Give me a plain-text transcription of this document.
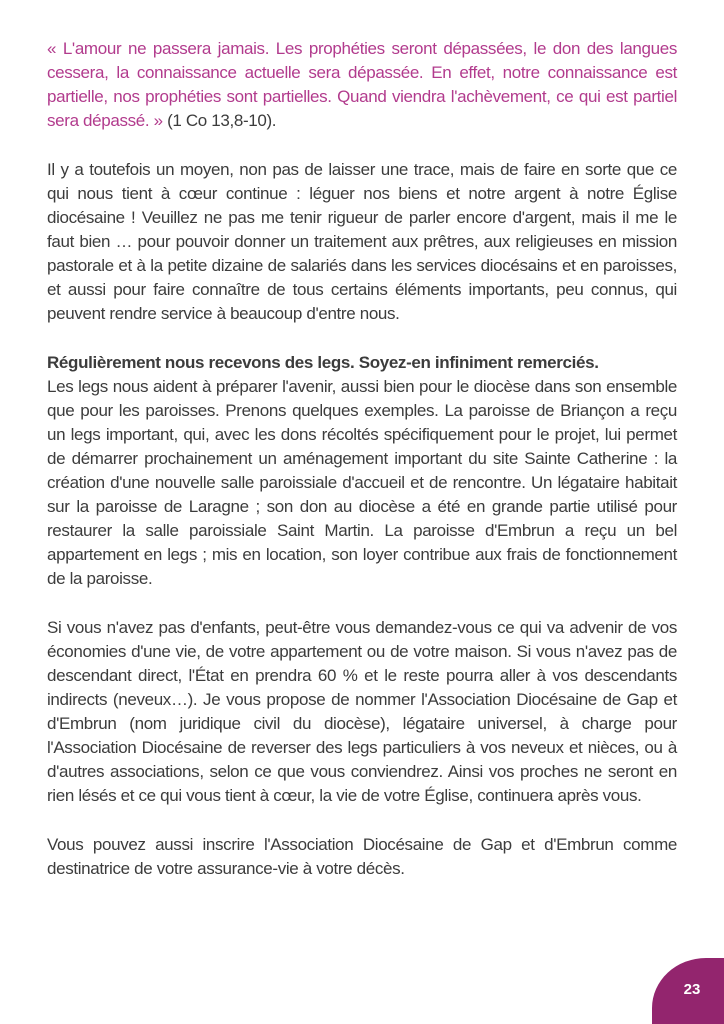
« L'amour ne passera jamais. Les prophéties seront dépassées, le don des langues cessera, la connaissance actuelle sera dépassée. En effet, notre connaissance est partielle, nos prophéties sont partielles. Quand viendra l'achèvement, ce qui est partiel sera dépassé. » (1 Co 13,8-10).

Il y a toutefois un moyen, non pas de laisser une trace, mais de faire en sorte que ce qui nous tient à cœur continue : léguer nos biens et notre argent à notre Église diocésaine ! Veuillez ne pas me tenir rigueur de parler encore d'argent, mais il me le faut bien … pour pouvoir donner un traitement aux prêtres, aux religieuses en mission pastorale et à la petite dizaine de salariés dans les services diocésains et en paroisses, et aussi pour faire connaître de tous certains éléments importants, peu connus, qui peuvent rendre service à beaucoup d'entre nous.

Régulièrement nous recevons des legs. Soyez-en infiniment remerciés.

Les legs nous aident à préparer l'avenir, aussi bien pour le diocèse dans son ensemble que pour les paroisses. Prenons quelques exemples. La paroisse de Briançon a reçu un legs important, qui, avec les dons récoltés spécifiquement pour le projet, lui permet de démarrer prochainement un aménagement important du site Sainte Catherine : la création d'une nouvelle salle paroissiale d'accueil et de rencontre. Un légataire habitait sur la paroisse de Laragne ; son don au diocèse a été en grande partie utilisé pour restaurer la salle paroissiale Saint Martin. La paroisse d'Embrun a reçu un bel appartement en legs ; mis en location, son loyer contribue aux frais de fonctionnement de la paroisse.

Si vous n'avez pas d'enfants, peut-être vous demandez-vous ce qui va advenir de vos économies d'une vie, de votre appartement ou de votre maison. Si vous n'avez pas de descendant direct, l'État en prendra 60 % et le reste pourra aller à vos descendants indirects (neveux…). Je vous propose de nommer l'Association Diocésaine de Gap et d'Embrun (nom juridique civil du diocèse), légataire universel, à charge pour l'Association Diocésaine de reverser des legs particuliers à vos neveux et nièces, ou à d'autres associations, selon ce que vous conviendrez. Ainsi vos proches ne seront en rien lésés et ce qui vous tient à cœur, la vie de votre Église, continuera après vous.

Vous pouvez aussi inscrire l'Association Diocésaine de Gap et d'Embrun comme destinatrice de votre assurance-vie à votre décès.

23
